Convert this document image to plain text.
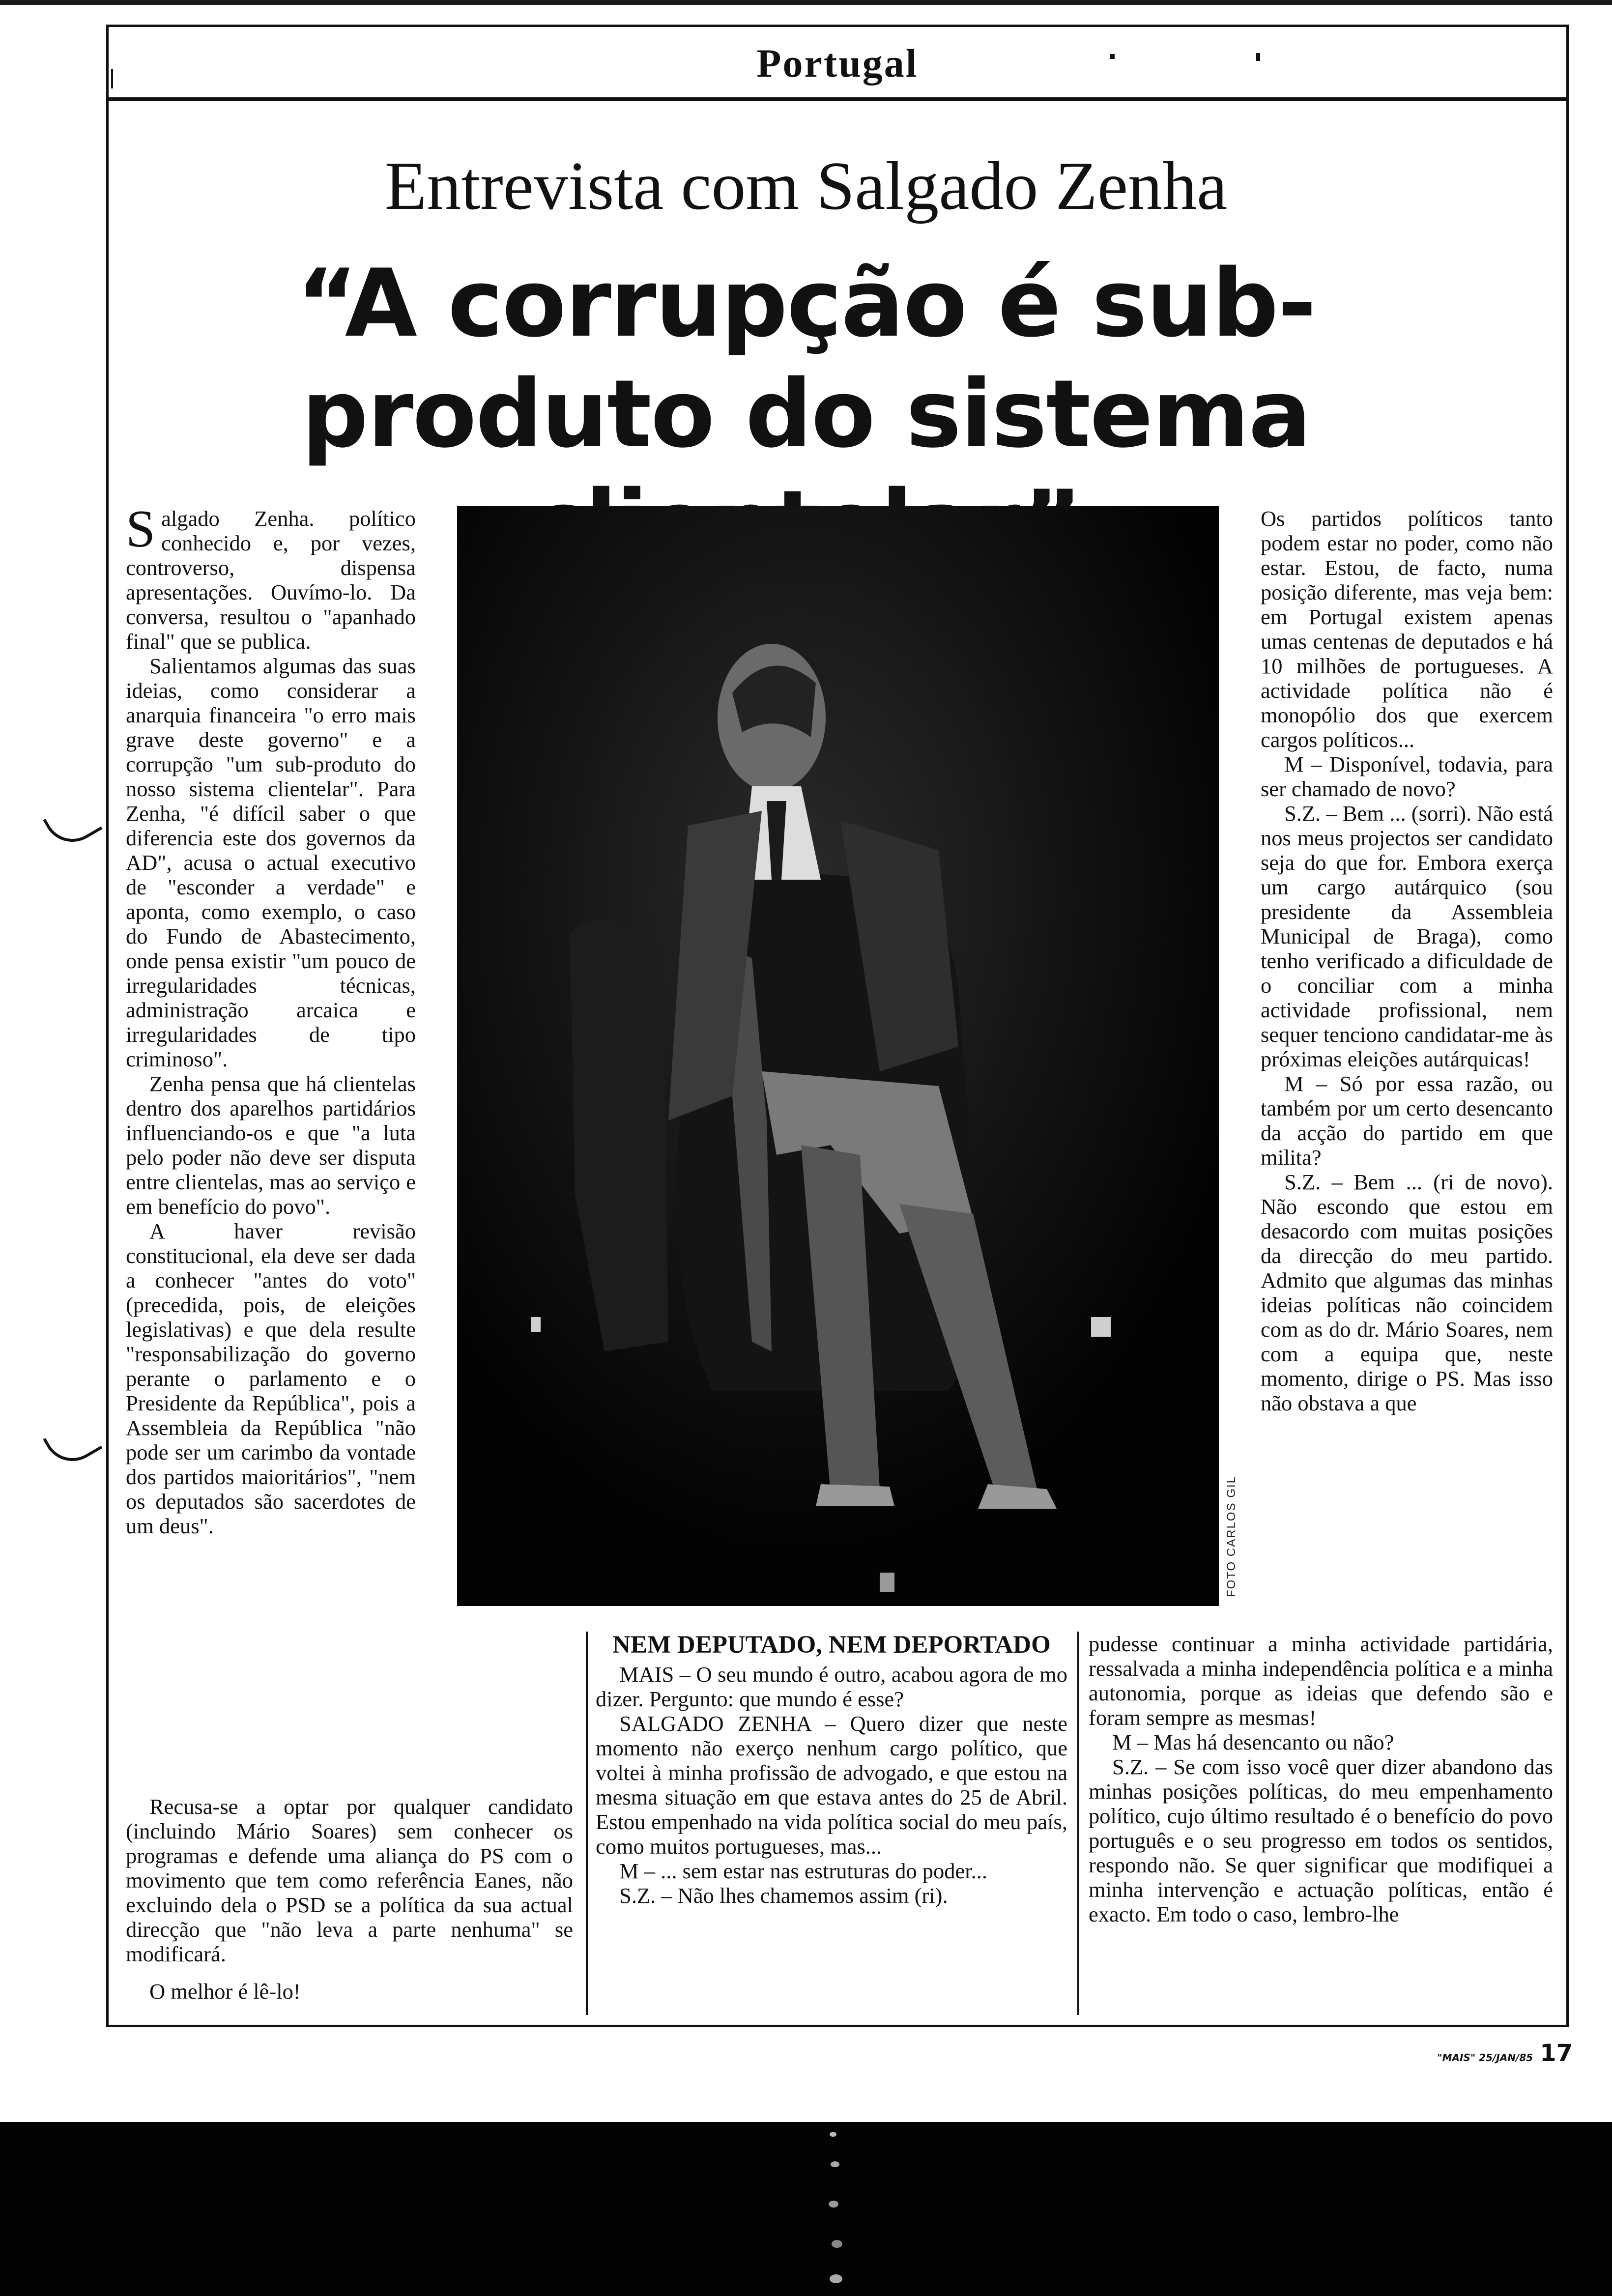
Portugal
Entrevista com Salgado Zenha
“A corrupção é sub-produto do sistema

Salgado Zenha. político conhecido e, por vezes, controverso, dispensa apresentações. Ouvímo-lo. Da conversa, resultou o "apanhado final" que se publica.

Salientamos algumas das suas ideias, como considerar a anarquia financeira "o erro mais grave deste governo" e a corrupção "um sub-produto do nosso sistema clientelar". Para Zenha, "é difícil saber o que diferencia este dos governos da AD", acusa o actual executivo de "esconder a verdade" e aponta, como exemplo, o caso do Fundo de Abastecimento, onde pensa existir "um pouco de irregularidades técnicas, administração arcaica e irregularidades de tipo criminoso".

Zenha pensa que há clientelas dentro dos aparelhos partidários influenciando-os e que "a luta pelo poder não deve ser disputa entre clientelas, mas ao serviço e em benefício do povo".

A haver revisão constitucional, ela deve ser dada a conhecer "antes do voto" (precedida, pois, de eleições legislativas) e que dela resulte "responsabilização do governo perante o parlamento e o Presidente da República", pois a Assembleia da República "não pode ser um carimbo da vontade dos partidos maioritários", "nem os deputados são sacerdotes de um deus".

Recusa-se a optar por qualquer candidato (incluindo Mário Soares) sem conhecer os programas e defende uma aliança do PS com o movimento que tem como referência Eanes, não excluindo dela o PSD se a política da sua actual direcção que "não leva a parte nenhuma" se modificará.

O melhor é lê-lo!

FOTO CARLOS GIL

Os partidos políticos tanto podem estar no poder, como não estar. Estou, de facto, numa posição diferente, mas veja bem: em Portugal existem apenas umas centenas de deputados e há 10 milhões de portugueses. A actividade política não é monopólio dos que exercem cargos políticos...

M – Disponível, todavia, para ser chamado de novo?

S.Z. – Bem ... (sorri). Não está nos meus projectos ser candidato seja do que for. Embora exerça um cargo autárquico (sou presidente da Assembleia Municipal de Braga), como tenho verificado a dificuldade de o conciliar com a minha actividade profissional, nem sequer tenciono candidatar-me às próximas eleições autárquicas!

M – Só por essa razão, ou também por um certo desencanto da acção do partido em que milita?

S.Z. – Bem ... (ri de novo). Não escondo que estou em desacordo com muitas posições da direcção do meu partido. Admito que algumas das minhas ideias políticas não coincidem com as do dr. Mário Soares, nem com a equipa que, neste momento, dirige o PS. Mas isso não obstava a que

NEM DEPUTADO, NEM DEPORTADO

MAIS – O seu mundo é outro, acabou agora de mo dizer. Pergunto: que mundo é esse?

SALGADO ZENHA – Quero dizer que neste momento não exerço nenhum cargo político, que voltei à minha profissão de advogado, e que estou na mesma situação em que estava antes do 25 de Abril. Estou empenhado na vida política social do meu país, como muitos portugueses, mas...

M – ... sem estar nas estruturas do poder...

S.Z. – Não lhes chamemos assim (ri).

pudesse continuar a minha actividade partidária, ressalvada a minha independência política e a minha autonomia, porque as ideias que defendo são e foram sempre as mesmas!

M – Mas há desencanto ou não?

S.Z. – Se com isso você quer dizer abandono das minhas posições políticas, do meu empenhamento político, cujo último resultado é o benefício do povo português e o seu progresso em todos os sentidos, respondo não. Se quer significar que modifiquei a minha intervenção e actuação políticas, então é exacto. Em todo o caso, lembro-lhe

"MAIS" 25/JAN/85 17
